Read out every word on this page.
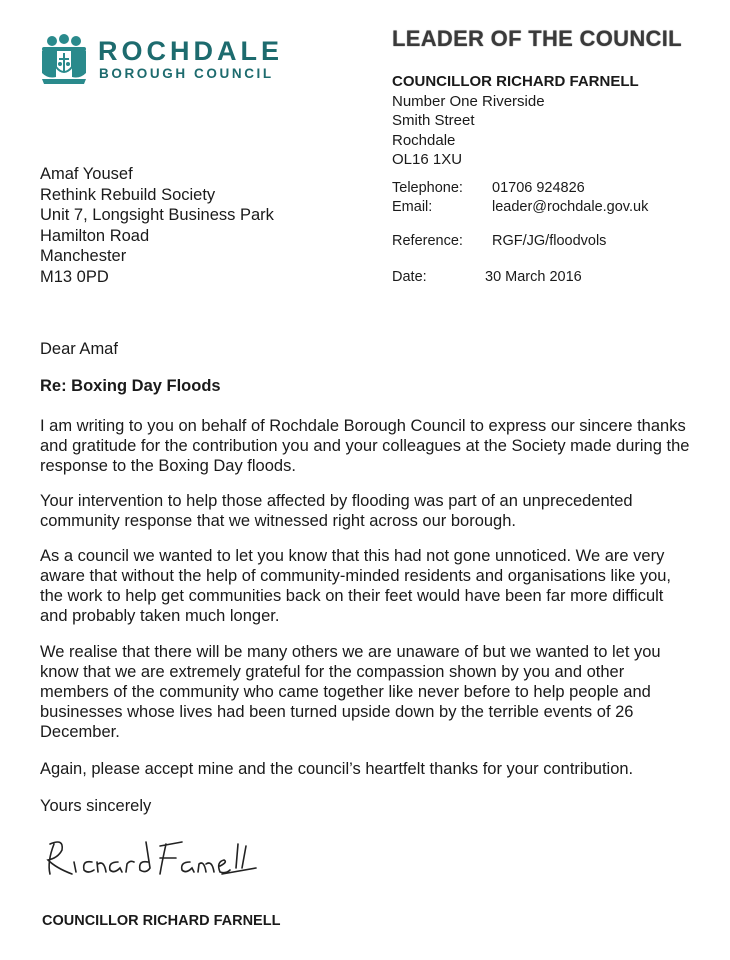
ROCHDALE
BOROUGH COUNCIL
LEADER OF THE COUNCIL
COUNCILLOR RICHARD FARNELL
Number One Riverside
Smith Street
Rochdale
OL16 1XU
Telephone: 01706 924826
Email:	leader@rochdale.gov.uk
Reference: RGF/JG/floodvols
Date:	30 March 2016
Amaf Yousef
Rethink Rebuild Society
Unit 7, Longsight Business Park
Hamilton Road
Manchester
M13 0PD
Dear Amaf
Re: Boxing Day Floods
I am writing to you on behalf of Rochdale Borough Council to express our sincere thanks and gratitude for the contribution you and your colleagues at the Society made during the response to the Boxing Day floods.
Your intervention to help those affected by flooding was part of an unprecedented community response that we witnessed right across our borough.
As a council we wanted to let you know that this had not gone unnoticed. We are very aware that without the help of community-minded residents and organisations like you, the work to help get communities back on their feet would have been far more difficult and probably taken much longer.
We realise that there will be many others we are unaware of but we wanted to let you know that we are extremely grateful for the compassion shown by you and other members of the community who came together like never before to help people and businesses whose lives had been turned upside down by the terrible events of 26 December.
Again, please accept mine and the council’s heartfelt thanks for your contribution.
Yours sincerely
COUNCILLOR RICHARD FARNELL
